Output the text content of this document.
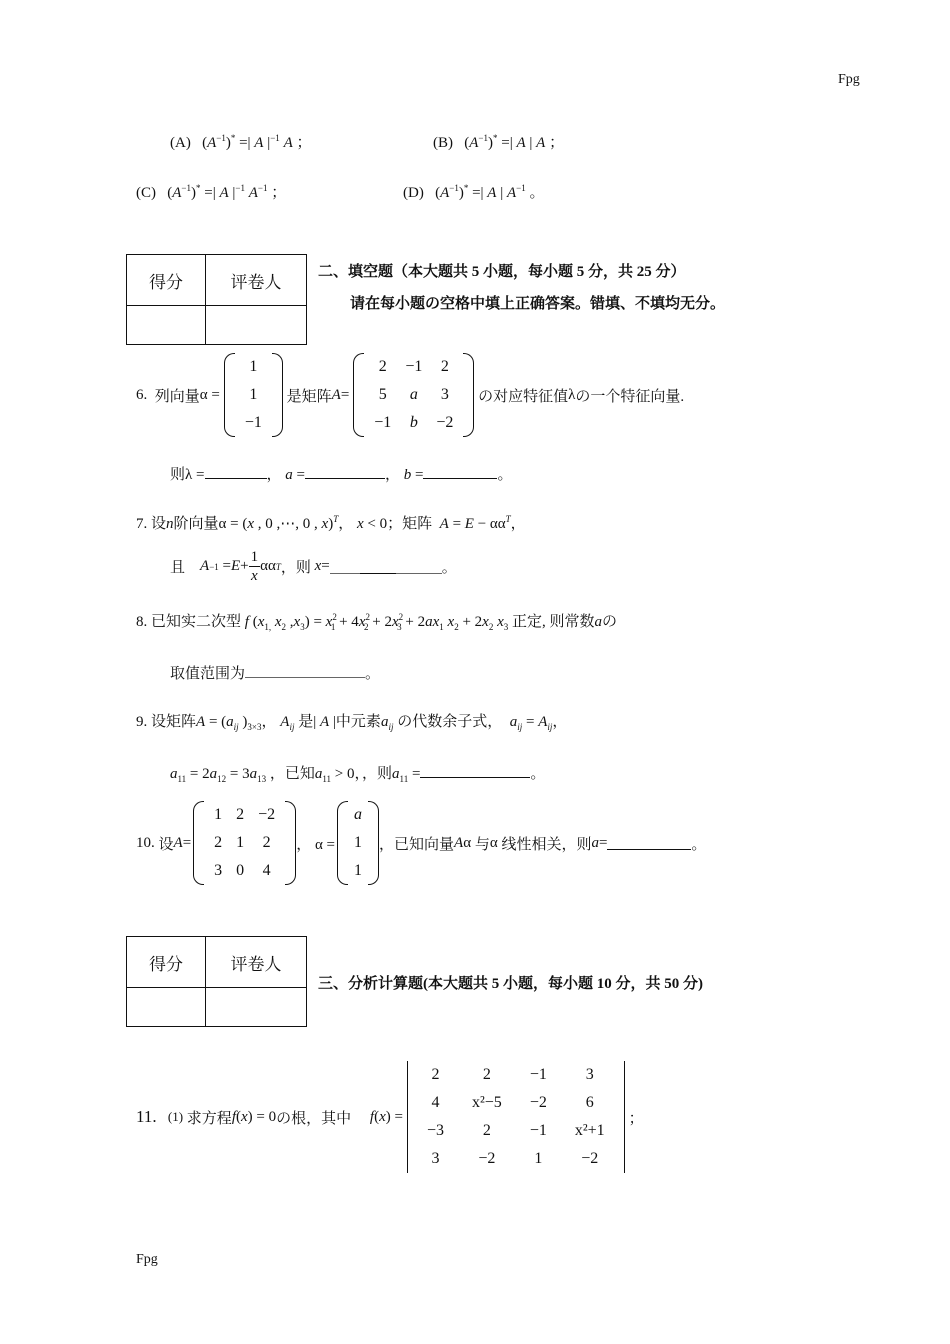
Fpg
Fpg
(A)   $(A^{-1})^*$ =| A $|^{-1}$ A ；	(B)   $(A^{-1})^*$ =| A | A ；
(C)   $(A^{-1})^*$ =| A $|^{-1}$ $A^{-1}$ ；	(D)   $(A^{-1})^*$ =| A | $A^{-1}$ 。
得分	评卷人

二、填空题（本大题共 5 小题，每小题 5 分，共 25 分）
请在每小题の空格中填上正确答案。错填、不填均无分。
6.
列向量 α =
1
1
−1

是矩阵 A =
2	−1	2
5	a	3
−1	b	−2

の对应特征值 λ の一个特征向量.
则λ =	， a =	， b =	。
7. 设n阶向量α = (x , 0 ,⋯, 0 , x)$^T$， x < 0；矩阵 $A = E - \alpha\alpha^T$，
且
$A -1 = E + \frac{1}{x}$ αα T ，则
x =	。
8. 已知实二次型 f ($x_{1,}$ $x_2$ $,x_3) = x^2_1 + 4x^2_2 + 2x^2_3 + 2ax_1$ $x_2 + 2x_2$ $x_3$ 正定, 则常数aの
取值范围为	。
9. 设矩阵$A = (a_{ij}$ )$_{3\times 3}$， $A_{ij}$ 是| A |中元素$a_{ij}$ の代数余子式， $a_{ij} = A_{ij}$，
$a_{11} = 2a_{12} = 3a_{13}$ ，已知$a_{11} > 0$，，则$a_{11}$ =	。
10.
设 A =
1	2	−2
2	1	2
3	0	4
， α =
a
1
1
，已知向量 A α 与 α 线性相关，则 a =	。
得分	评卷人

三、分析计算题(本大题共 5 小题，每小题 10 分，共 50 分)
11.
(1)
求方程 f ( x ) = 0 の根，其中
f ( x ) =
2	2	−1	3
4	x²−5	−2	6
−3	2	−1	x²+1
3	−2	1	−2
；
